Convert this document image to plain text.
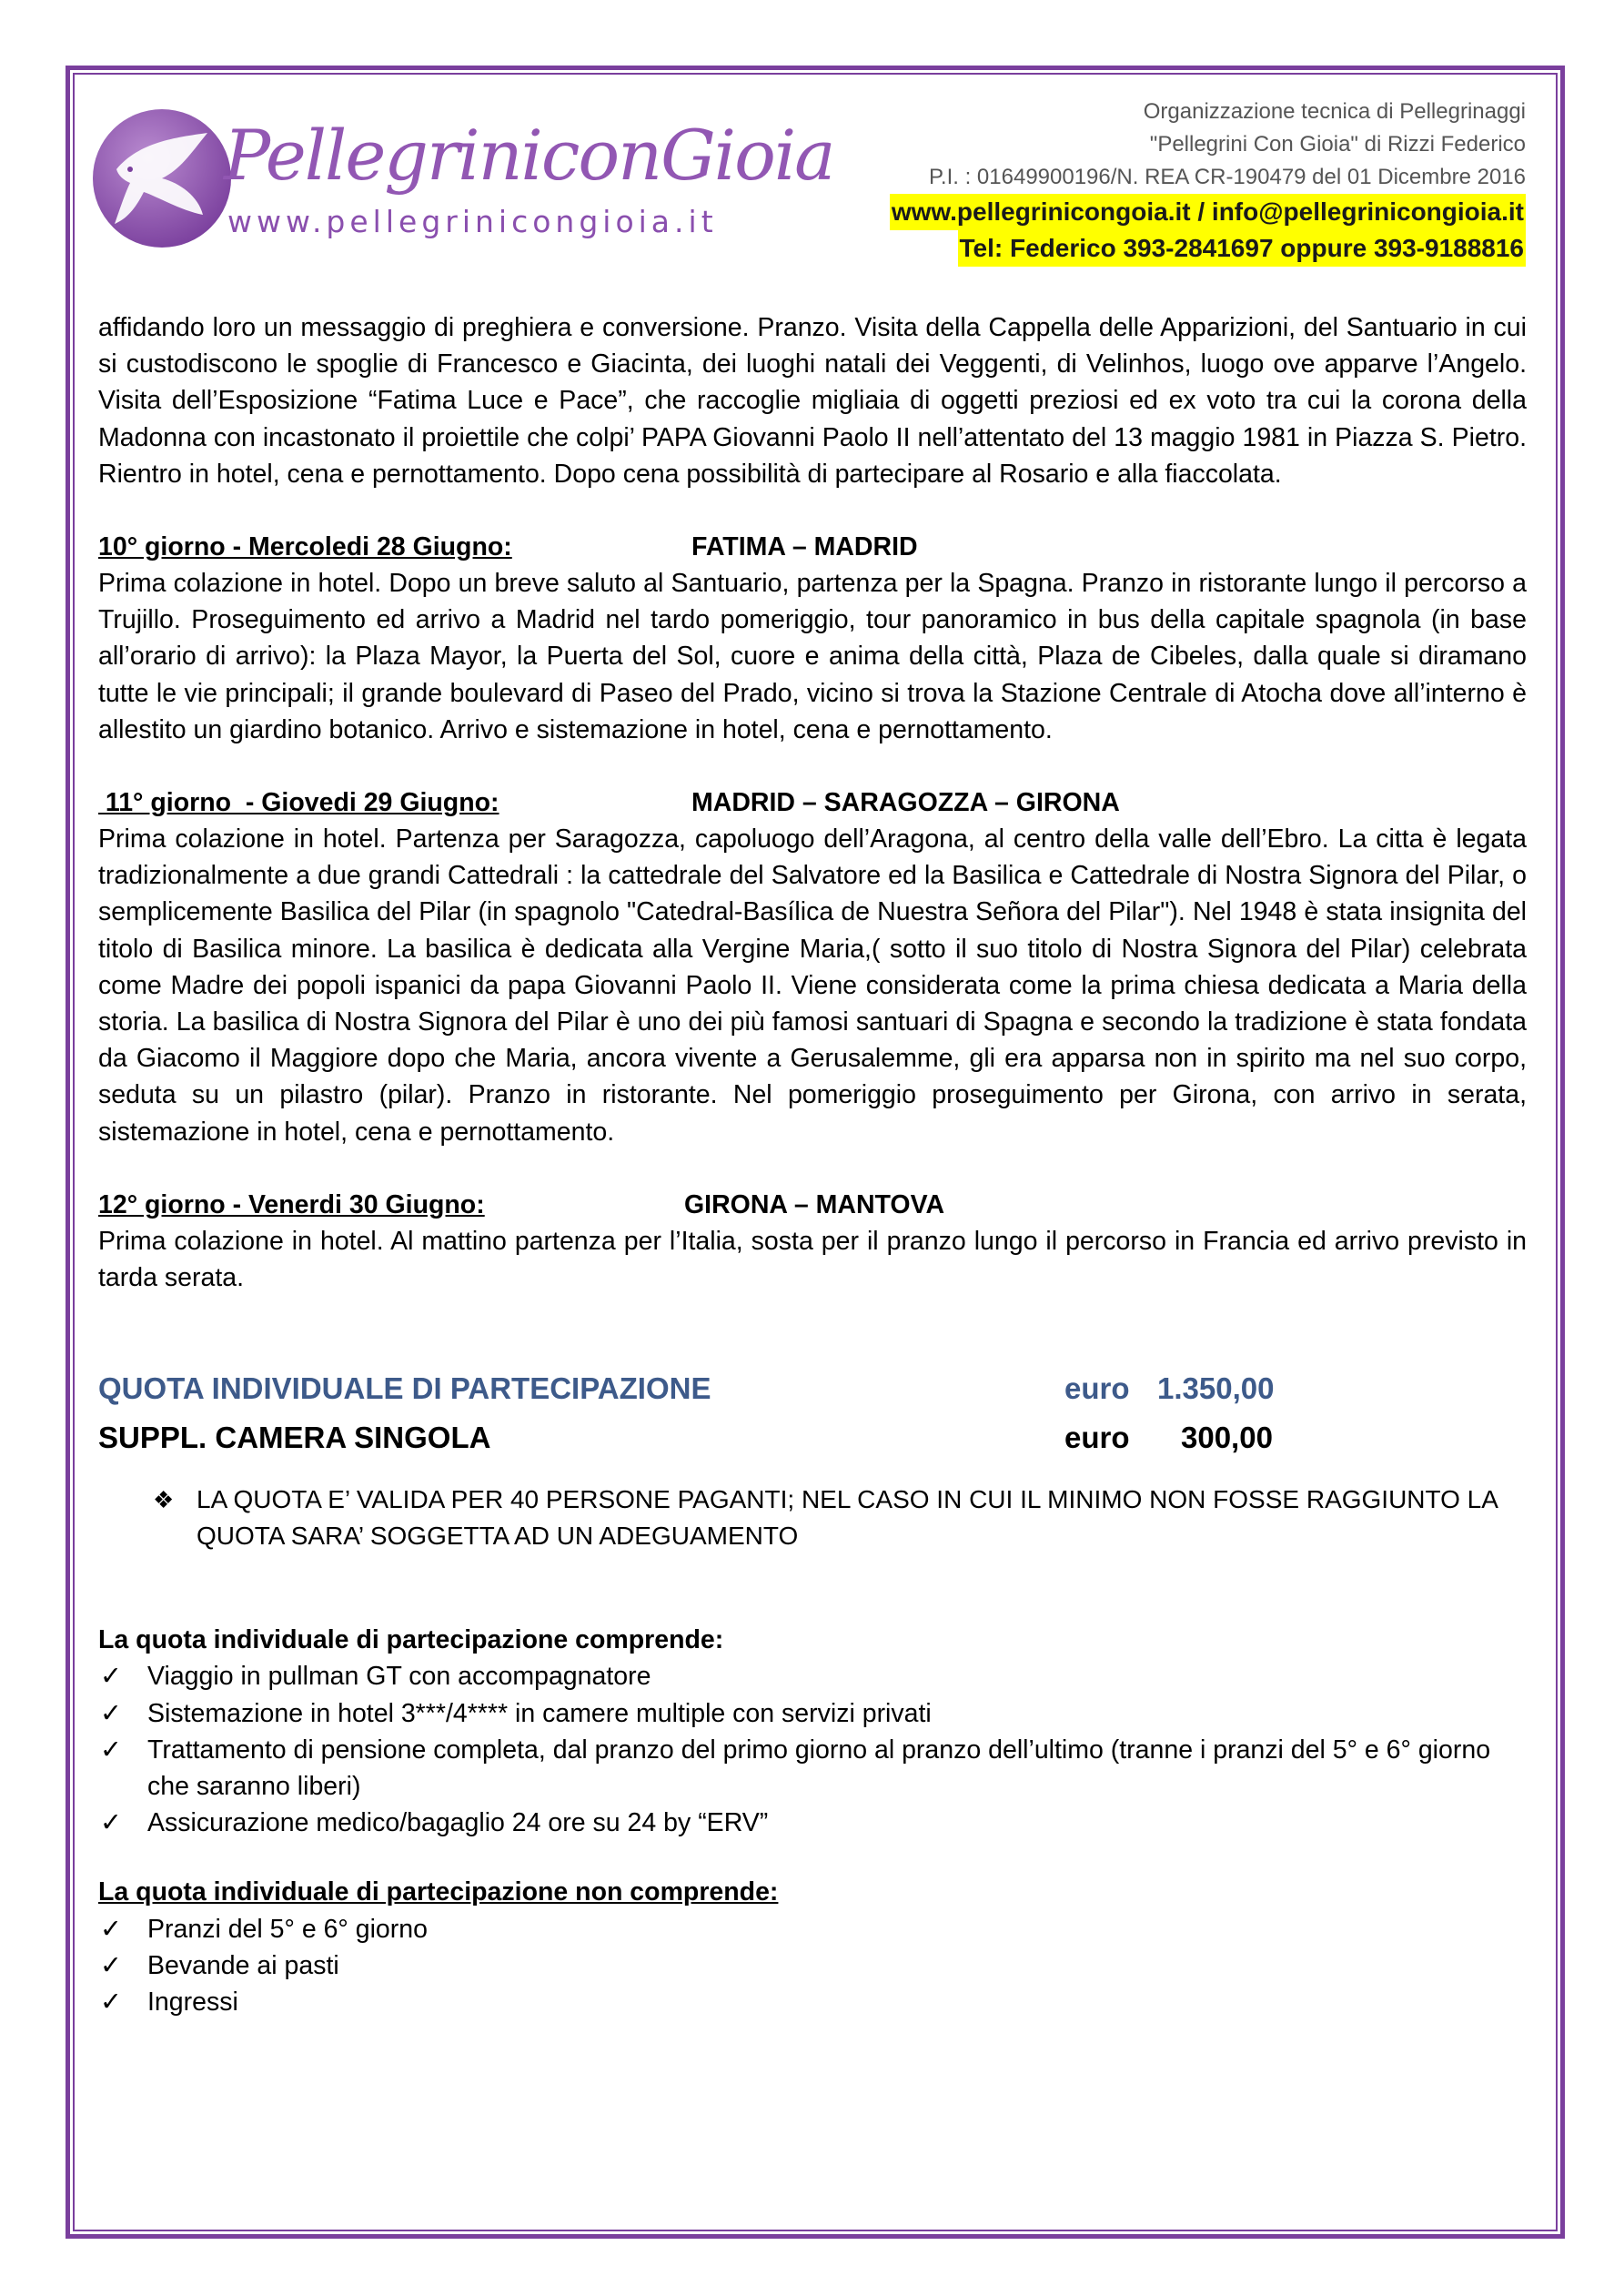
PellegriniconGioia
www.pellegrinicongioia.it
Organizzazione tecnica di Pellegrinaggi
"Pellegrini Con Gioia" di Rizzi Federico
P.I. : 01649900196/N. REA CR-190479 del 01 Dicembre 2016
www.pellegrinicongoia.it / info@pellegrinicongioia.it
Tel: Federico 393-2841697 oppure 393-9188816

affidando loro un messaggio di preghiera e conversione. Pranzo. Visita della Cappella delle Apparizioni, del Santuario in cui si custodiscono le spoglie di Francesco e Giacinta, dei luoghi natali dei Veggenti, di Velinhos, luogo ove apparve l’Angelo. Visita dell’Esposizione “Fatima Luce e Pace”, che raccoglie migliaia di oggetti preziosi ed ex voto tra cui la corona della Madonna con incastonato il proiettile che colpi’ PAPA Giovanni Paolo II nell’attentato del 13 maggio 1981 in Piazza S. Pietro. Rientro in hotel, cena e pernottamento. Dopo cena possibilità di partecipare al Rosario e alla fiaccolata.

10° giorno - Mercoledi 28 Giugno:	FATIMA – MADRID

Prima colazione in hotel. Dopo un breve saluto al Santuario, partenza per la Spagna. Pranzo in ristorante lungo il percorso a Trujillo. Proseguimento ed arrivo a Madrid nel tardo pomeriggio, tour panoramico in bus della capitale spagnola (in base all’orario di arrivo): la Plaza Mayor, la Puerta del Sol, cuore e anima della città, Plaza de Cibeles, dalla quale si diramano tutte le vie principali; il grande boulevard di Paseo del Prado, vicino si trova la Stazione Centrale di Atocha dove all’interno è allestito un giardino botanico. Arrivo e sistemazione in hotel, cena e pernottamento.

11° giorno  - Giovedi 29 Giugno:	MADRID – SARAGOZZA – GIRONA

Prima colazione in hotel. Partenza per Saragozza, capoluogo dell’Aragona, al centro della valle dell’Ebro. La citta è legata tradizionalmente a due grandi Cattedrali : la cattedrale del Salvatore ed la Basilica e Cattedrale di Nostra Signora del Pilar, o semplicemente Basilica del Pilar (in spagnolo "Catedral-Basílica de Nuestra Señora del Pilar"). Nel 1948 è stata insignita del titolo di Basilica minore. La basilica è dedicata alla Vergine Maria,( sotto il suo titolo di Nostra Signora del Pilar) celebrata come Madre dei popoli ispanici da papa Giovanni Paolo II. Viene considerata come la prima chiesa dedicata a Maria della storia. La basilica di Nostra Signora del Pilar è uno dei più famosi santuari di Spagna e secondo la tradizione è stata fondata da Giacomo il Maggiore dopo che Maria, ancora vivente a Gerusalemme, gli era apparsa non in spirito ma nel suo corpo, seduta su un pilastro (pilar). Pranzo in ristorante. Nel pomeriggio proseguimento per Girona, con arrivo in serata, sistemazione in hotel, cena e pernottamento.

12° giorno - Venerdi 30 Giugno:	GIRONA – MANTOVA

Prima colazione in hotel. Al mattino partenza per l’Italia, sosta per il pranzo lungo il percorso in Francia ed arrivo previsto in tarda serata.

QUOTA INDIVIDUALE DI PARTECIPAZIONE	euro 1.350,00
SUPPL. CAMERA SINGOLA	euro 300,00
❖ LA QUOTA E’ VALIDA PER 40 PERSONE PAGANTI; NEL CASO IN CUI IL MINIMO NON FOSSE RAGGIUNTO LA QUOTA SARA’ SOGGETTA AD UN ADEGUAMENTO
La quota individuale di partecipazione comprende:
✓ Viaggio in pullman GT con accompagnatore
✓ Sistemazione in hotel 3***/4**** in camere multiple con servizi privati
✓ Trattamento di pensione completa, dal pranzo del primo giorno al pranzo dell’ultimo (tranne i pranzi del 5° e 6° giorno che saranno liberi)
✓ Assicurazione medico/bagaglio 24 ore su 24 by “ERV”
La quota individuale di partecipazione non comprende:
✓ Pranzi del 5° e 6° giorno
✓ Bevande ai pasti
✓ Ingressi
